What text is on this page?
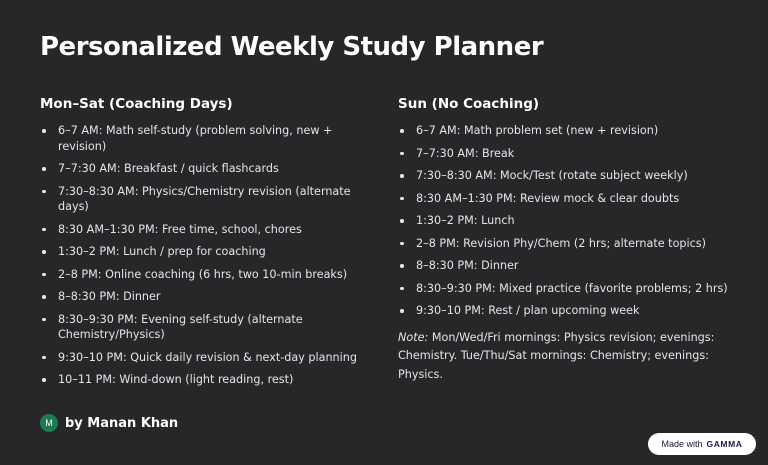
Personalized Weekly Study Planner
Mon–Sat (Coaching Days)
6–7 AM: Math self-study (problem solving, new + revision)
7–7:30 AM: Breakfast / quick flashcards
7:30–8:30 AM: Physics/Chemistry revision (alternate days)
8:30 AM–1:30 PM: Free time, school, chores
1:30–2 PM: Lunch / prep for coaching
2–8 PM: Online coaching (6 hrs, two 10-min breaks)
8–8:30 PM: Dinner
8:30–9:30 PM: Evening self-study (alternate Chemistry/Physics)
9:30–10 PM: Quick daily revision & next-day planning
10–11 PM: Wind-down (light reading, rest)
Sun (No Coaching)
6–7 AM: Math problem set (new + revision)
7–7:30 AM: Break
7:30–8:30 AM: Mock/Test (rotate subject weekly)
8:30 AM–1:30 PM: Review mock & clear doubts
1:30–2 PM: Lunch
2–8 PM: Revision Phy/Chem (2 hrs; alternate topics)
8–8:30 PM: Dinner
8:30–9:30 PM: Mixed practice (favorite problems; 2 hrs)
9:30–10 PM: Rest / plan upcoming week
Note: Mon/Wed/Fri mornings: Physics revision; evenings: Chemistry. Tue/Thu/Sat mornings: Chemistry; evenings: Physics.
M by Manan Khan
Made with GAMMA
